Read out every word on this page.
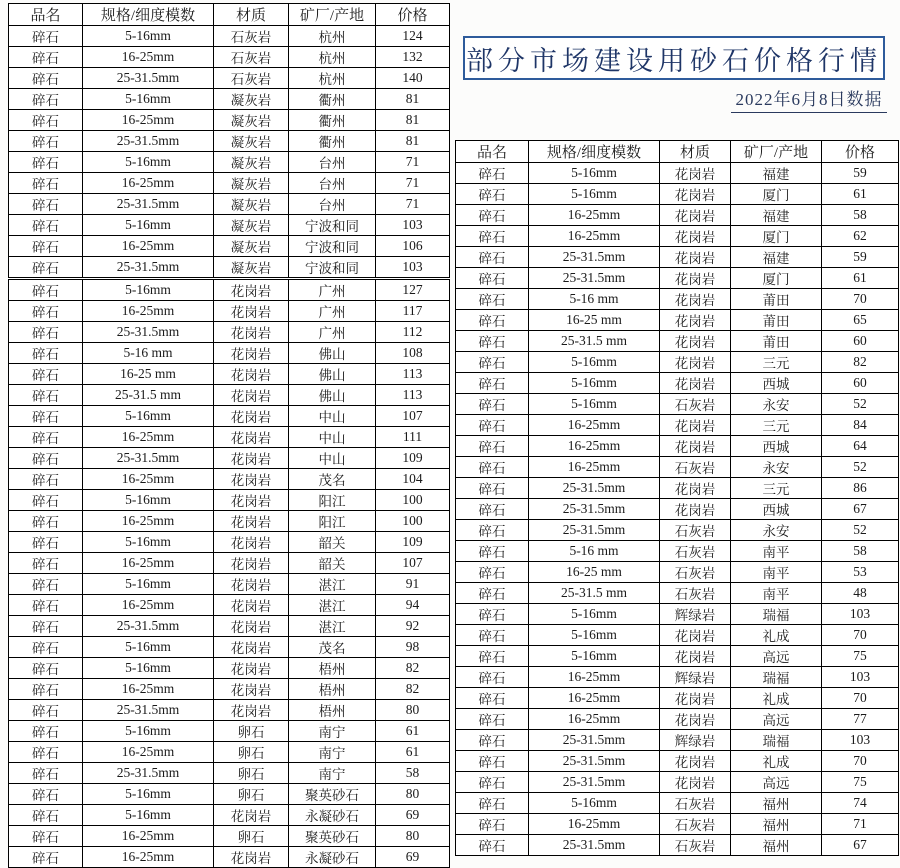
品名	规格/细度模数	材质	矿厂/产地	价格
碎石	5-16mm	石灰岩	杭州	124
碎石	16-25mm	石灰岩	杭州	132
碎石	25-31.5mm	石灰岩	杭州	140
碎石	5-16mm	凝灰岩	衢州	81
碎石	16-25mm	凝灰岩	衢州	81
碎石	25-31.5mm	凝灰岩	衢州	81
碎石	5-16mm	凝灰岩	台州	71
碎石	16-25mm	凝灰岩	台州	71
碎石	25-31.5mm	凝灰岩	台州	71
碎石	5-16mm	凝灰岩	宁波和同	103
碎石	16-25mm	凝灰岩	宁波和同	106
碎石	25-31.5mm	凝灰岩	宁波和同	103
碎石	5-16mm	花岗岩	广州	127
碎石	16-25mm	花岗岩	广州	117
碎石	25-31.5mm	花岗岩	广州	112
碎石	5-16 mm	花岗岩	佛山	108
碎石	16-25 mm	花岗岩	佛山	113
碎石	25-31.5 mm	花岗岩	佛山	113
碎石	5-16mm	花岗岩	中山	107
碎石	16-25mm	花岗岩	中山	111
碎石	25-31.5mm	花岗岩	中山	109
碎石	16-25mm	花岗岩	茂名	104
碎石	5-16mm	花岗岩	阳江	100
碎石	16-25mm	花岗岩	阳江	100
碎石	5-16mm	花岗岩	韶关	109
碎石	16-25mm	花岗岩	韶关	107
碎石	5-16mm	花岗岩	湛江	91
碎石	16-25mm	花岗岩	湛江	94
碎石	25-31.5mm	花岗岩	湛江	92
碎石	5-16mm	花岗岩	茂名	98
碎石	5-16mm	花岗岩	梧州	82
碎石	16-25mm	花岗岩	梧州	82
碎石	25-31.5mm	花岗岩	梧州	80
碎石	5-16mm	卵石	南宁	61
碎石	16-25mm	卵石	南宁	61
碎石	25-31.5mm	卵石	南宁	58
碎石	5-16mm	卵石	聚英砂石	80
碎石	5-16mm	花岗岩	永凝砂石	69
碎石	16-25mm	卵石	聚英砂石	80
碎石	16-25mm	花岗岩	永凝砂石	69
部分市场建设用砂石价格行情
2022年6月8日数据
品名	规格/细度模数	材质	矿厂/产地	价格
碎石	5-16mm	花岗岩	福建	59
碎石	5-16mm	花岗岩	厦门	61
碎石	16-25mm	花岗岩	福建	58
碎石	16-25mm	花岗岩	厦门	62
碎石	25-31.5mm	花岗岩	福建	59
碎石	25-31.5mm	花岗岩	厦门	61
碎石	5-16 mm	花岗岩	莆田	70
碎石	16-25 mm	花岗岩	莆田	65
碎石	25-31.5 mm	花岗岩	莆田	60
碎石	5-16mm	花岗岩	三元	82
碎石	5-16mm	花岗岩	西城	60
碎石	5-16mm	石灰岩	永安	52
碎石	16-25mm	花岗岩	三元	84
碎石	16-25mm	花岗岩	西城	64
碎石	16-25mm	石灰岩	永安	52
碎石	25-31.5mm	花岗岩	三元	86
碎石	25-31.5mm	花岗岩	西城	67
碎石	25-31.5mm	石灰岩	永安	52
碎石	5-16 mm	石灰岩	南平	58
碎石	16-25 mm	石灰岩	南平	53
碎石	25-31.5 mm	石灰岩	南平	48
碎石	5-16mm	辉绿岩	瑞福	103
碎石	5-16mm	花岗岩	礼成	70
碎石	5-16mm	花岗岩	高远	75
碎石	16-25mm	辉绿岩	瑞福	103
碎石	16-25mm	花岗岩	礼成	70
碎石	16-25mm	花岗岩	高远	77
碎石	25-31.5mm	辉绿岩	瑞福	103
碎石	25-31.5mm	花岗岩	礼成	70
碎石	25-31.5mm	花岗岩	高远	75
碎石	5-16mm	石灰岩	福州	74
碎石	16-25mm	石灰岩	福州	71
碎石	25-31.5mm	石灰岩	福州	67
